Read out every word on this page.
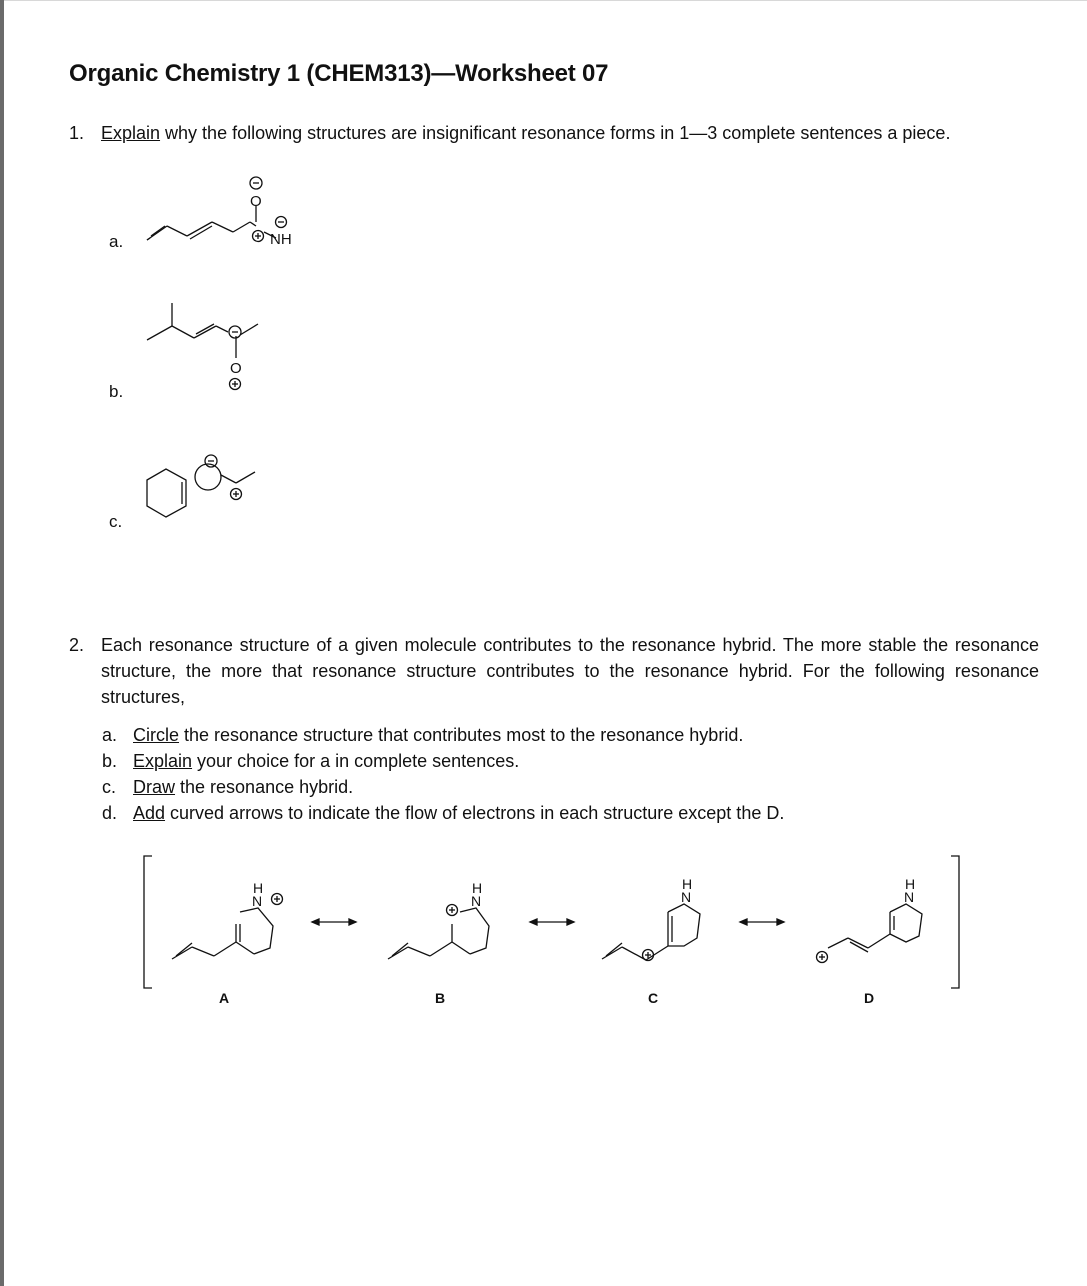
Organic Chemistry 1 (CHEM313)—Worksheet 07
1. Explain why the following structures are insignificant resonance forms in 1—3 complete sentences a piece.
a.
b.
c.
O
NH
O
2. Each resonance structure of a given molecule contributes to the resonance hybrid. The more stable the resonance structure, the more that resonance structure contributes to the resonance hybrid. For the following resonance structures,
a. Circle the resonance structure that contributes most to the resonance hybrid.
b. Explain your choice for a in complete sentences.
c. Draw the resonance hybrid.
d. Add curved arrows to indicate the flow of electrons in each structure except the D.
H
N
H
N
H
N
H
N
A	B	C	D
